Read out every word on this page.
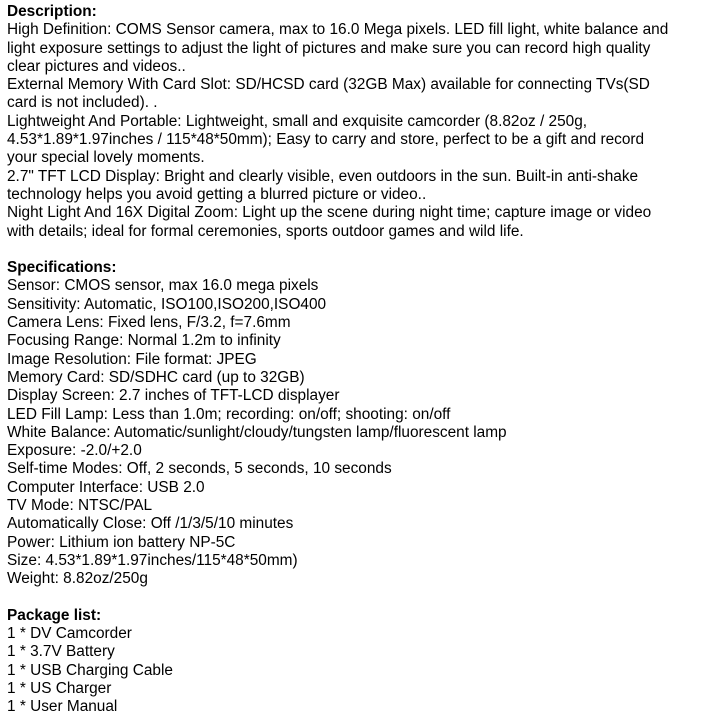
Description:
High Definition: COMS Sensor camera, max to 16.0 Mega pixels. LED fill light, white balance and
light exposure settings to adjust the light of pictures and make sure you can record high quality
clear pictures and videos..
External Memory With Card Slot: SD/HCSD card (32GB Max) available for connecting TVs(SD
card is not included). .
Lightweight And Portable: Lightweight, small and exquisite camcorder (8.82oz / 250g,
4.53*1.89*1.97inches / 115*48*50mm); Easy to carry and store, perfect to be a gift and record
your special lovely moments.
2.7" TFT LCD Display: Bright and clearly visible, even outdoors in the sun. Built-in anti-shake
technology helps you avoid getting a blurred picture or video..
Night Light And 16X Digital Zoom: Light up the scene during night time; capture image or video
with details; ideal for formal ceremonies, sports outdoor games and wild life.
Specifications:
Sensor: CMOS sensor, max 16.0 mega pixels
Sensitivity: Automatic, ISO100,ISO200,ISO400
Camera Lens: Fixed lens, F/3.2, f=7.6mm
Focusing Range: Normal 1.2m to infinity
Image Resolution: File format: JPEG
Memory Card: SD/SDHC card (up to 32GB)
Display Screen: 2.7 inches of TFT-LCD displayer
LED Fill Lamp: Less than 1.0m; recording: on/off; shooting: on/off
White Balance: Automatic/sunlight/cloudy/tungsten lamp/fluorescent lamp
Exposure: -2.0/+2.0
Self-time Modes: Off, 2 seconds, 5 seconds, 10 seconds
Computer Interface: USB 2.0
TV Mode: NTSC/PAL
Automatically Close: Off /1/3/5/10 minutes
Power: Lithium ion battery NP-5C
Size: 4.53*1.89*1.97inches/115*48*50mm)
Weight: 8.82oz/250g
Package list:
1 * DV Camcorder
1 * 3.7V Battery
1 * USB Charging Cable
1 * US Charger
1 * User Manual
